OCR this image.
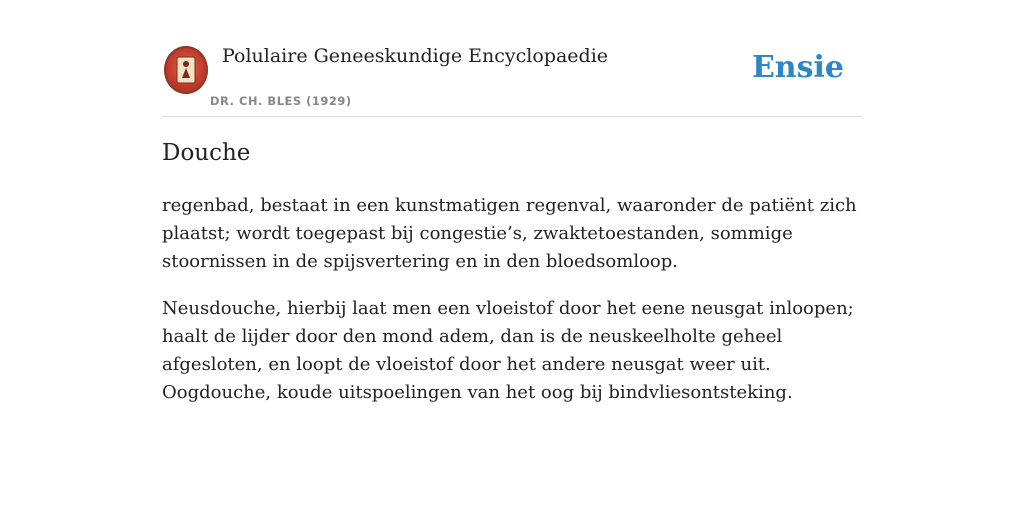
Polulaire Geneeskundige Encyclopaedie
DR. CH. BLES (1929)
Ensie
Douche

regenbad, bestaat in een kunstmatigen regenval, waaronder de patiënt zich plaatst; wordt toegepast bij congestie’s, zwaktetoestanden, sommige stoornissen in de spijsvertering en in den bloedsomloop.

Neusdouche, hierbij laat men een vloeistof door het eene neusgat inloopen; haalt de lijder door den mond adem, dan is de neuskeelholte geheel afgesloten, en loopt de vloeistof door het andere neusgat weer uit. Oogdouche, koude uitspoelingen van het oog bij bindvliesontsteking.
